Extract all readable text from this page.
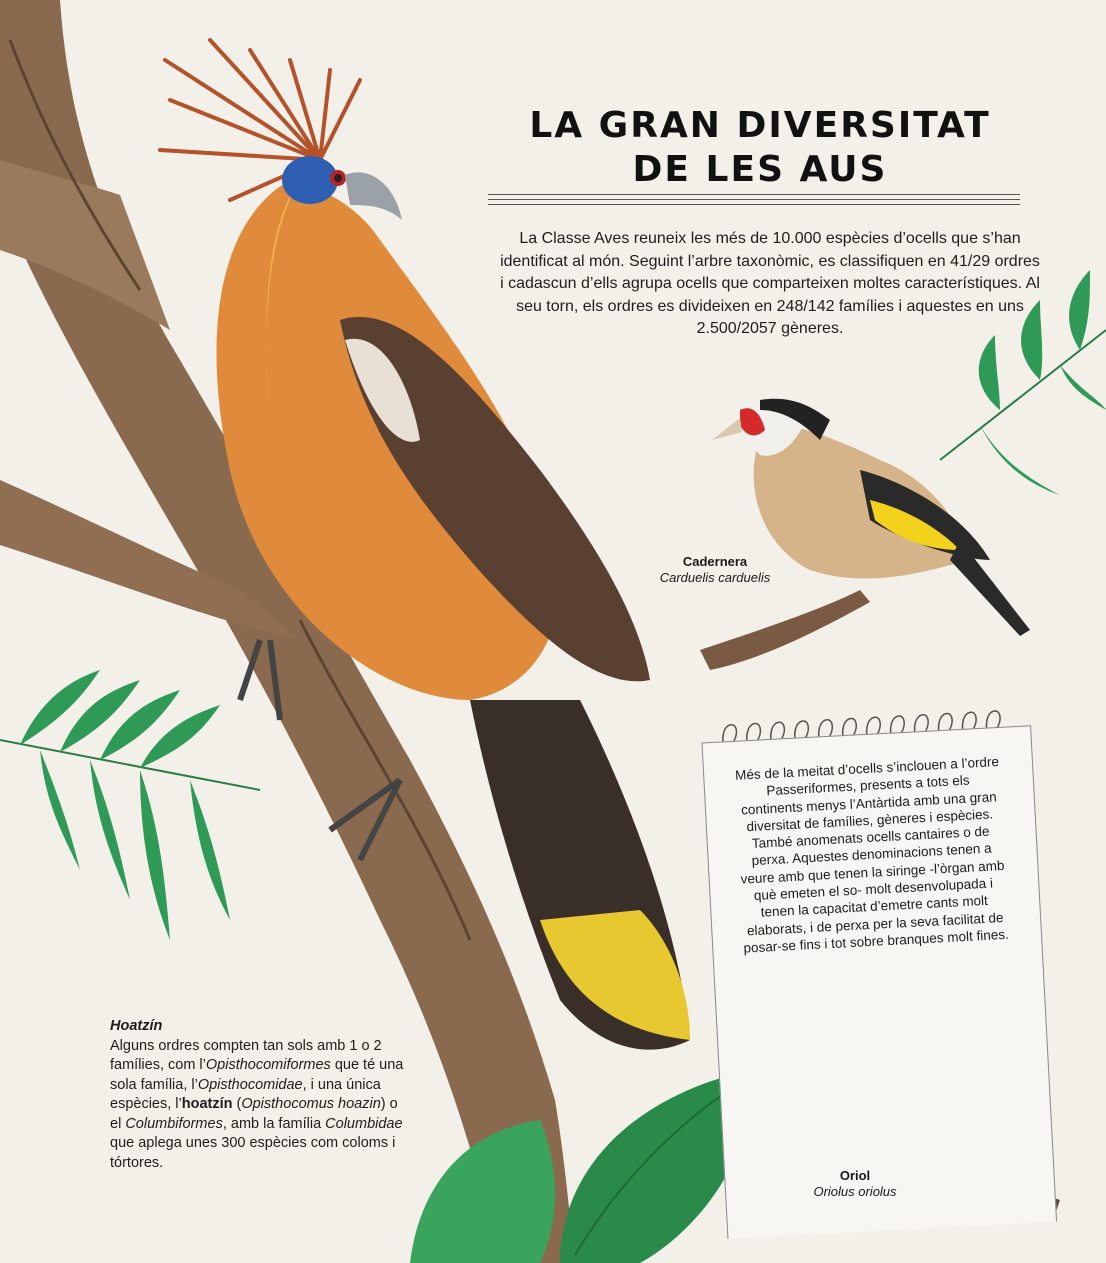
LA GRAN DIVERSITAT
DE LES AUS
La Classe Aves reuneix les més de 10.000 espècies d’ocells que s’han identificat al món. Seguint l’arbre taxonòmic, es classifiquen en 41/29 ordres i cadascun d’ells agrupa ocells que comparteixen moltes característiques. Al seu torn, els ordres es divideixen en 248/142 famílies i aquestes en uns 2.500/2057 gèneres.
Cadernera
Carduelis carduelis
Més de la meitat d’ocells s’inclouen a l’ordre Passeriformes, presents a tots els continents menys l’Antàrtida amb una gran diversitat de famílies, gèneres i espècies. També anomenats ocells cantaires o de perxa. Aquestes denominacions tenen a veure amb que tenen la siringe -l’òrgan amb què emeten el so- molt desenvolupada i tenen la capacitat d’emetre cants molt elaborats, i de perxa per la seva facilitat de posar-se fins i tot sobre branques molt fines.
Oriol
Oriolus oriolus
Hoatzín
Alguns ordres compten tan sols amb 1 o 2 famílies, com l’Opisthocomiformes que té una sola família, l’Opisthocomidae, i una única espècies, l’hoatzín (Opisthocomus hoazin) o el Columbiformes, amb la família Columbidae que aplega unes 300 espècies com coloms i tórtores.
